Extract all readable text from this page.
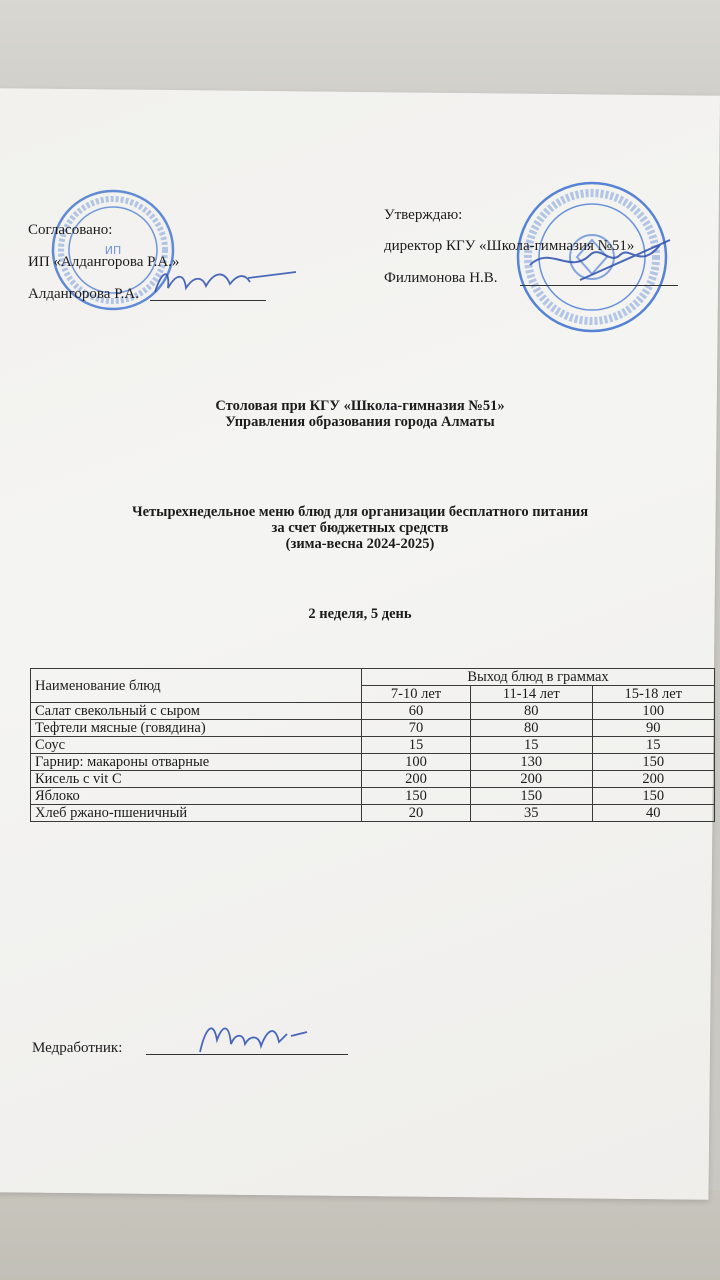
ИП
Согласовано:
ИП «Алдангорова Р.А.»
Алдангорова Р.А.
Утверждаю:
директор КГУ «Школа-гимназия №51»
Филимонова Н.В.
Столовая при КГУ «Школа-гимназия №51»
Управления образования города Алматы
Четырехнедельное меню блюд для организации бесплатного питания
за счет бюджетных средств
(зима-весна 2024-2025)
2 неделя, 5 день
Наименование блюд	Выход блюд в граммах		
	7-10 лет	11-14 лет	15-18 лет
Салат свекольный с сыром	60	80	100
Тефтели мясные (говядина)	70	80	90
Соус	15	15	15
Гарнир: макароны отварные	100	130	150
Кисель с vit C	200	200	200
Яблоко	150	150	150
Хлеб ржано-пшеничный	20	35	40
Медработник:
